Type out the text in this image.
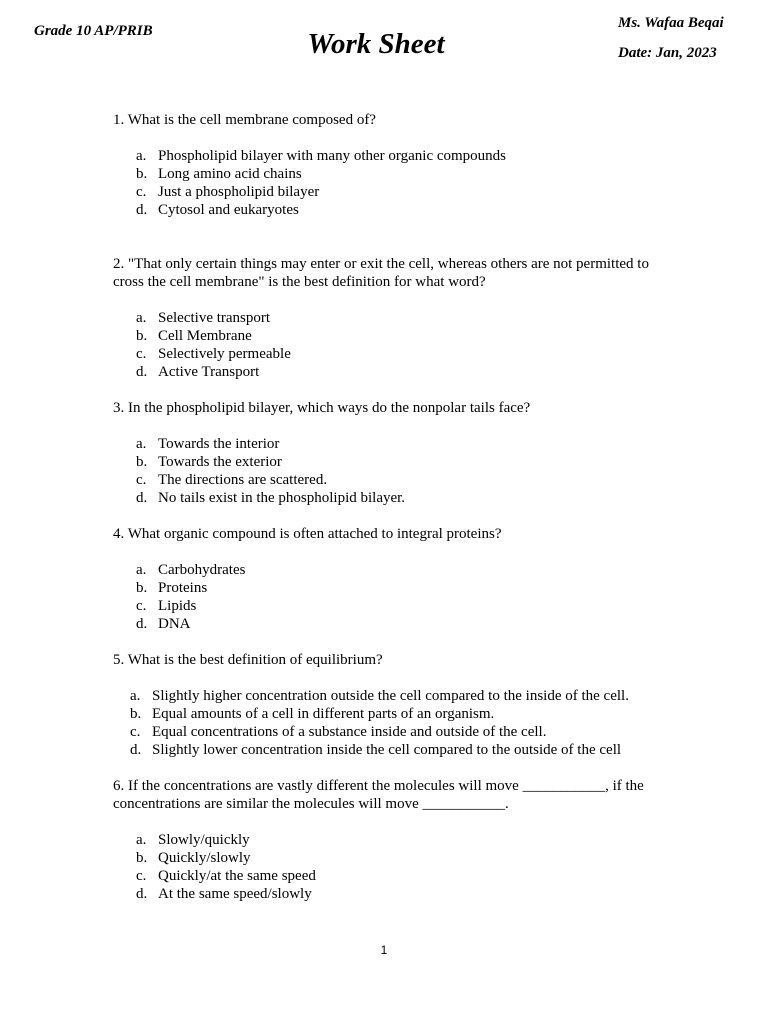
Grade 10 AP/PRIB	Work Sheet
Ms. Wafaa Beqai
Date: Jan, 2023

1. What is the cell membrane composed of?

a. Phospholipid bilayer with many other organic compounds
b. Long amino acid chains
c. Just a phospholipid bilayer
d. Cytosol and eukaryotes

2. "That only certain things may enter or exit the cell, whereas others are not permitted to cross the cell membrane" is the best definition for what word?

a. Selective transport
b. Cell Membrane
c. Selectively permeable
d. Active Transport

3. In the phospholipid bilayer, which ways do the nonpolar tails face?

a. Towards the interior
b. Towards the exterior
c. The directions are scattered.
d. No tails exist in the phospholipid bilayer.

4. What organic compound is often attached to integral proteins?

a. Carbohydrates
b. Proteins
c. Lipids
d. DNA

5. What is the best definition of equilibrium?

a. Slightly higher concentration outside the cell compared to the inside of the cell.
b. Equal amounts of a cell in different parts of an organism.
c. Equal concentrations of a substance inside and outside of the cell.
d. Slightly lower concentration inside the cell compared to the outside of the cell

6. If the concentrations are vastly different the molecules will move ___________, if the concentrations are similar the molecules will move ___________.

a. Slowly/quickly
b. Quickly/slowly
c. Quickly/at the same speed
d. At the same speed/slowly
1
